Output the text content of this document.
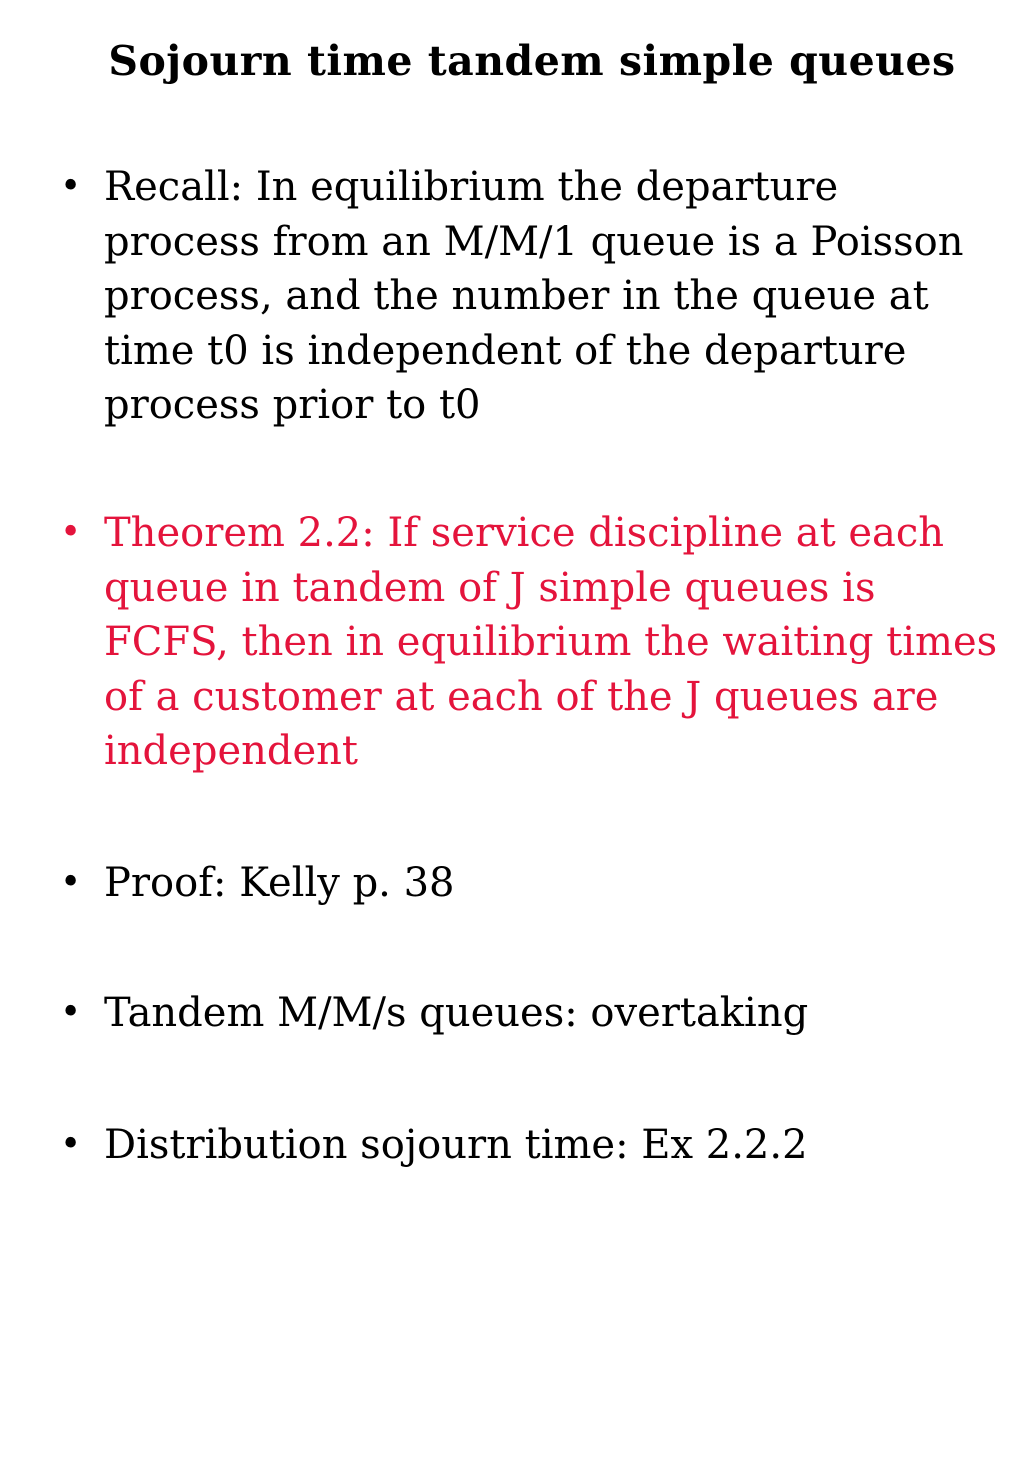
Sojourn time tandem simple queues
• Recall: In equilibrium the departure process from an M/M/1 queue is a Poisson process, and the number in the queue at time t0 is independent of the departure process prior to t0
• Theorem 2.2: If service discipline at each queue in tandem of J simple queues is FCFS, then in equilibrium the waiting times of a customer at each of the J queues are independent
• Proof: Kelly p. 38
• Tandem M/M/s queues: overtaking
• Distribution sojourn time: Ex 2.2.2
